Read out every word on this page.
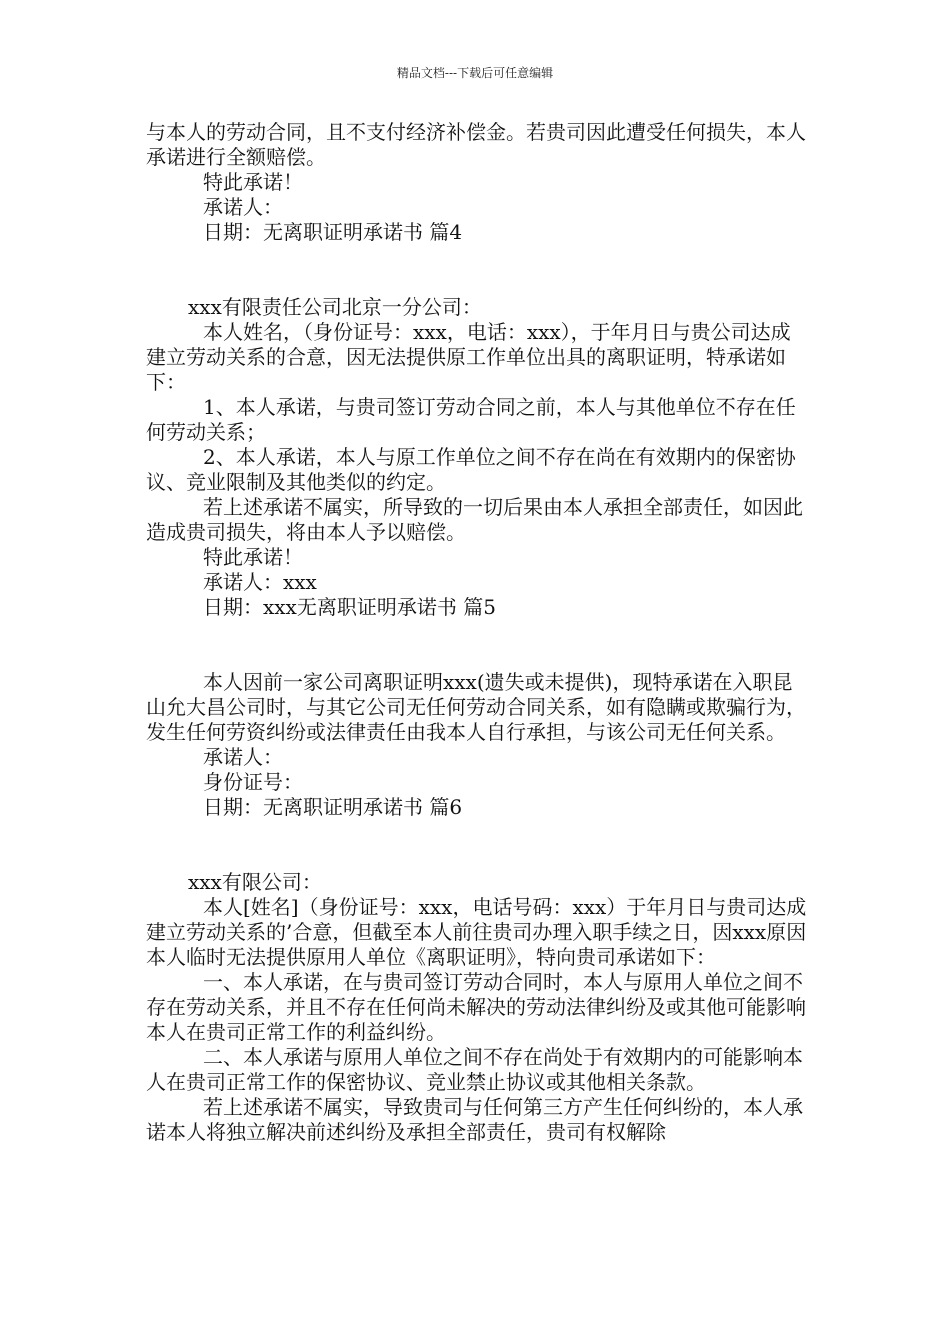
精品文档---下载后可任意编辑

与本人的劳动合同，且不支付经济补偿金。若贵司因此遭受任何损失，本人承诺进行全额赔偿。

特此承诺！

承诺人：

日期：无离职证明承诺书 篇4

xxx有限责任公司北京一分公司：

本人姓名，（身份证号：xxx，电话：xxx），于年月日与贵公司达成建立劳动关系的合意，因无法提供原工作单位出具的离职证明，特承诺如下：

1、本人承诺，与贵司签订劳动合同之前，本人与其他单位不存在任何劳动关系；

2、本人承诺，本人与原工作单位之间不存在尚在有效期内的保密协议、竞业限制及其他类似的约定。

若上述承诺不属实，所导致的一切后果由本人承担全部责任，如因此造成贵司损失，将由本人予以赔偿。

特此承诺！

承诺人：xxx

日期：xxx无离职证明承诺书 篇5

本人因前一家公司离职证明xxx(遗失或未提供)，现特承诺在入职昆山允大昌公司时，与其它公司无任何劳动合同关系，如有隐瞒或欺骗行为，发生任何劳资纠纷或法律责任由我本人自行承担，与该公司无任何关系。

承诺人：

身份证号：

日期：无离职证明承诺书 篇6

xxx有限公司：

本人[姓名]（身份证号：xxx，电话号码：xxx）于年月日与贵司达成建立劳动关系的’合意，但截至本人前往贵司办理入职手续之日，因xxx原因本人临时无法提供原用人单位《离职证明》，特向贵司承诺如下：

一、本人承诺，在与贵司签订劳动合同时，本人与原用人单位之间不存在劳动关系，并且不存在任何尚未解决的劳动法律纠纷及或其他可能影响本人在贵司正常工作的利益纠纷。

二、本人承诺与原用人单位之间不存在尚处于有效期内的可能影响本人在贵司正常工作的保密协议、竞业禁止协议或其他相关条款。

若上述承诺不属实，导致贵司与任何第三方产生任何纠纷的，本人承诺本人将独立解决前述纠纷及承担全部责任，贵司有权解除
